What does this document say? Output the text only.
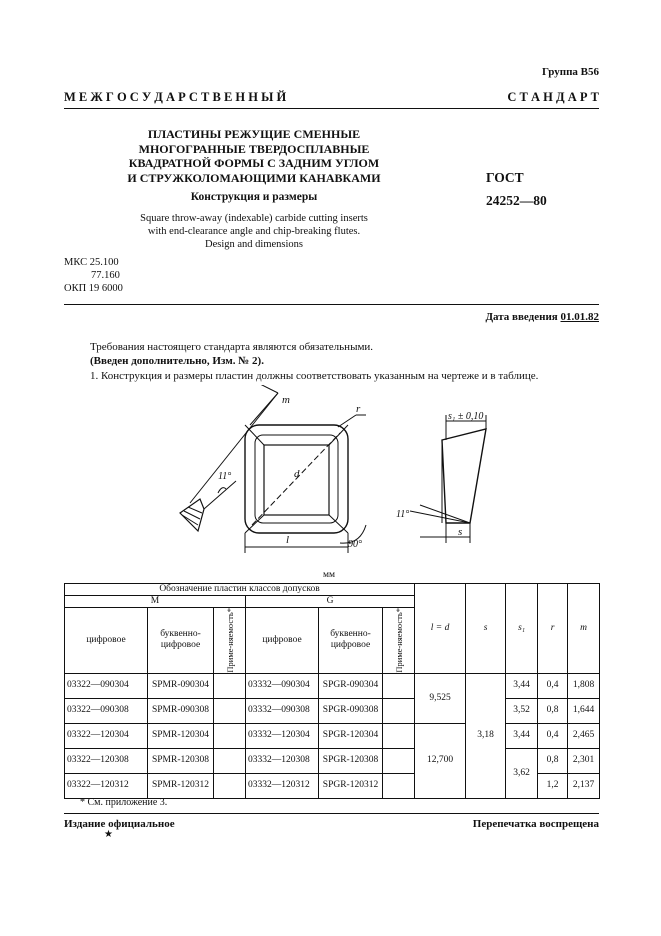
Группа В56
М Е Ж Г О С У Д А Р С Т В Е Н Н Ы Й	С Т А Н Д А Р Т
ПЛАСТИНЫ РЕЖУЩИЕ СМЕННЫЕ
МНОГОГРАННЫЕ ТВЕРДОСПЛАВНЫЕ
КВАДРАТНОЙ ФОРМЫ С ЗАДНИМ УГЛОМ
И СТРУЖКОЛОМАЮЩИМИ КАНАВКАМИ
Конструкция и размеры
Square throw-away (indexable) carbide cutting inserts
with end-clearance angle and chip-breaking flutes.
Design and dimensions
ГОСТ
24252—80
МКС 25.100
77.160
ОКП 19 6000
Дата введения 01.01.82
Требования настоящего стандарта являются обязательными.
(Введен дополнительно, Изм. № 2).
1. Конструкция и размеры пластин должны соответствовать указанным на чертеже и в таблице.
m
r
d
l
11°
90°
s₁ ± 0,10
s
11°
мм
Обозначение пластин классов допусков						l = d	s	s₁	r	m
M			G							
цифровое	буквенно-цифровое	Приме-няемость*	цифровое	буквенно-цифровое	Приме-няемость*					

03322—090304	SPMR-090304		03332—090304	SPGR-090304		9,525	3,18	3,44	0,4	1,808
03322—090308	SPMR-090308		03332—090308	SPGR-090308				3,52	0,8	1,644
03322—120304	SPMR-120304		03332—120304	SPGR-120304		12,700		3,44	0,4	2,465
03322—120308	SPMR-120308		03332—120308	SPGR-120308				3,62	0,8	2,301
03322—120312	SPMR-120312		03332—120312	SPGR-120312					1,2	2,137
* См. приложение 3.
Издание официальное
★
Перепечатка воспрещена
